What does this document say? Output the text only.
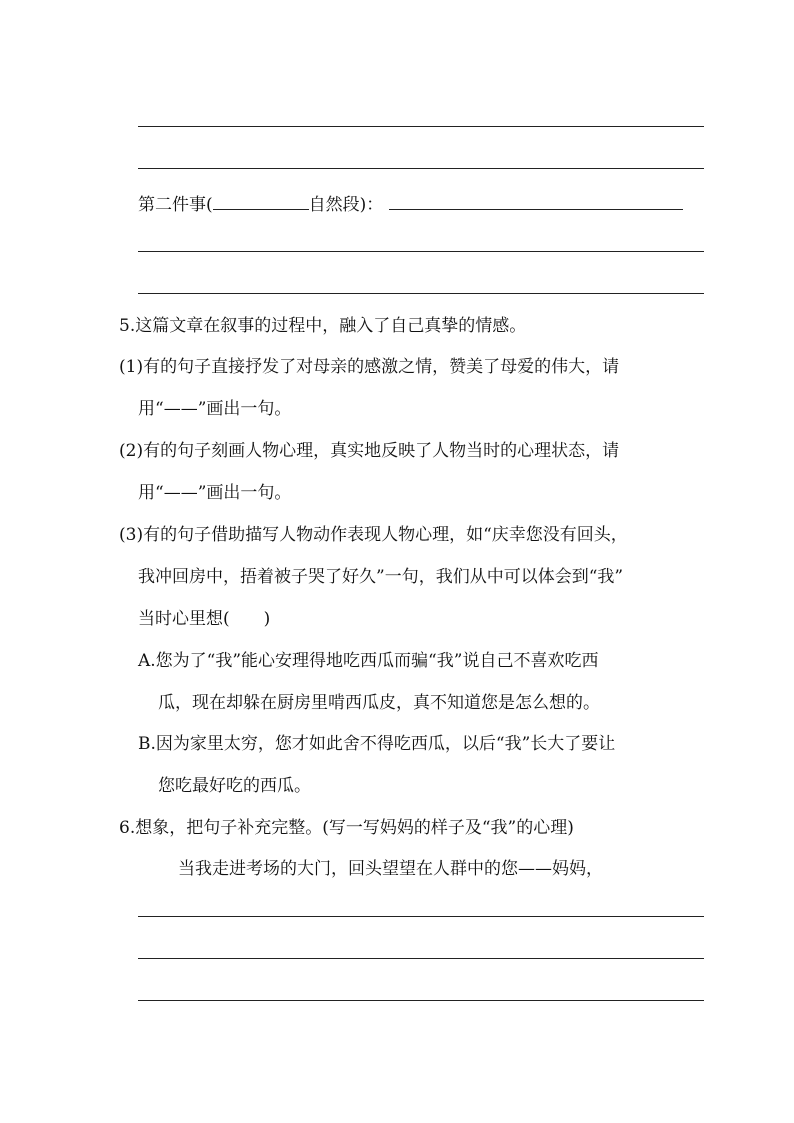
第二件事(	自然段)：
5.这篇文章在叙事的过程中，融入了自己真挚的情感。
(1)有的句子直接抒发了对母亲的感激之情，赞美了母爱的伟大，请
用“——”画出一句。
(2)有的句子刻画人物心理，真实地反映了人物当时的心理状态，请
用“——”画出一句。
(3)有的句子借助描写人物动作表现人物心理，如“庆幸您没有回头，
我冲回房中，捂着被子哭了好久”一句，我们从中可以体会到“我”
当时心里想(　　)
A.您为了“我”能心安理得地吃西瓜而骗“我”说自己不喜欢吃西
瓜，现在却躲在厨房里啃西瓜皮，真不知道您是怎么想的。
B.因为家里太穷，您才如此舍不得吃西瓜，以后“我”长大了要让
您吃最好吃的西瓜。
6.想象，把句子补充完整。(写一写妈妈的样子及“我”的心理)
当我走进考场的大门，回头望望在人群中的您——妈妈，
